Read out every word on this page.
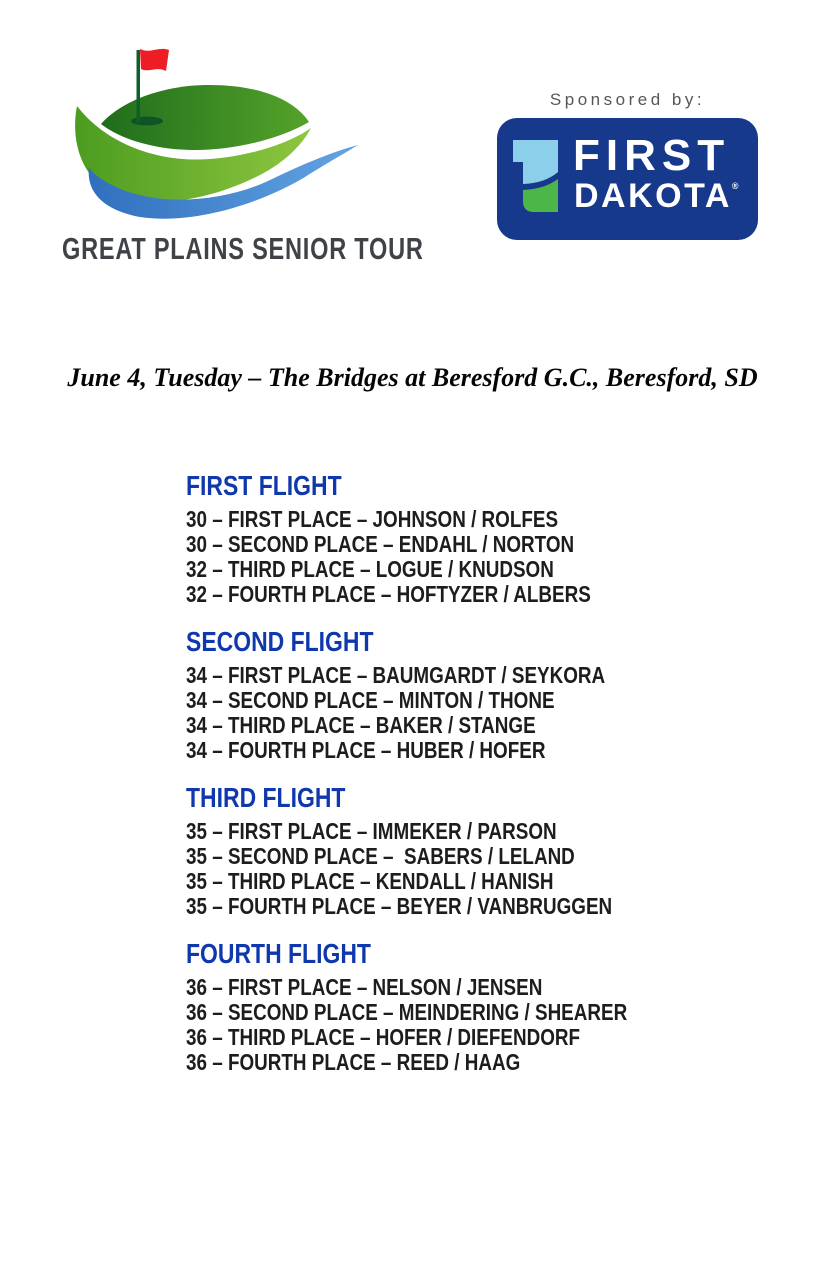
GREAT PLAINS SENIOR TOUR
Sponsored by:
FIRST
DAKOTA®
June 4, Tuesday – The Bridges at Beresford G.C., Beresford, SD
FIRST FLIGHT
30 – FIRST PLACE – JOHNSON / ROLFES
30 – SECOND PLACE – ENDAHL / NORTON
32 – THIRD PLACE – LOGUE / KNUDSON
32 – FOURTH PLACE – HOFTYZER / ALBERS
SECOND FLIGHT
34 – FIRST PLACE – BAUMGARDT / SEYKORA
34 – SECOND PLACE – MINTON / THONE
34 – THIRD PLACE – BAKER / STANGE
34 – FOURTH PLACE – HUBER / HOFER
THIRD FLIGHT
35 – FIRST PLACE – IMMEKER / PARSON
35 – SECOND PLACE –  SABERS / LELAND
35 – THIRD PLACE – KENDALL / HANISH
35 – FOURTH PLACE – BEYER / VANBRUGGEN
FOURTH FLIGHT
36 – FIRST PLACE – NELSON / JENSEN
36 – SECOND PLACE – MEINDERING / SHEARER
36 – THIRD PLACE – HOFER / DIEFENDORF
36 – FOURTH PLACE – REED / HAAG
